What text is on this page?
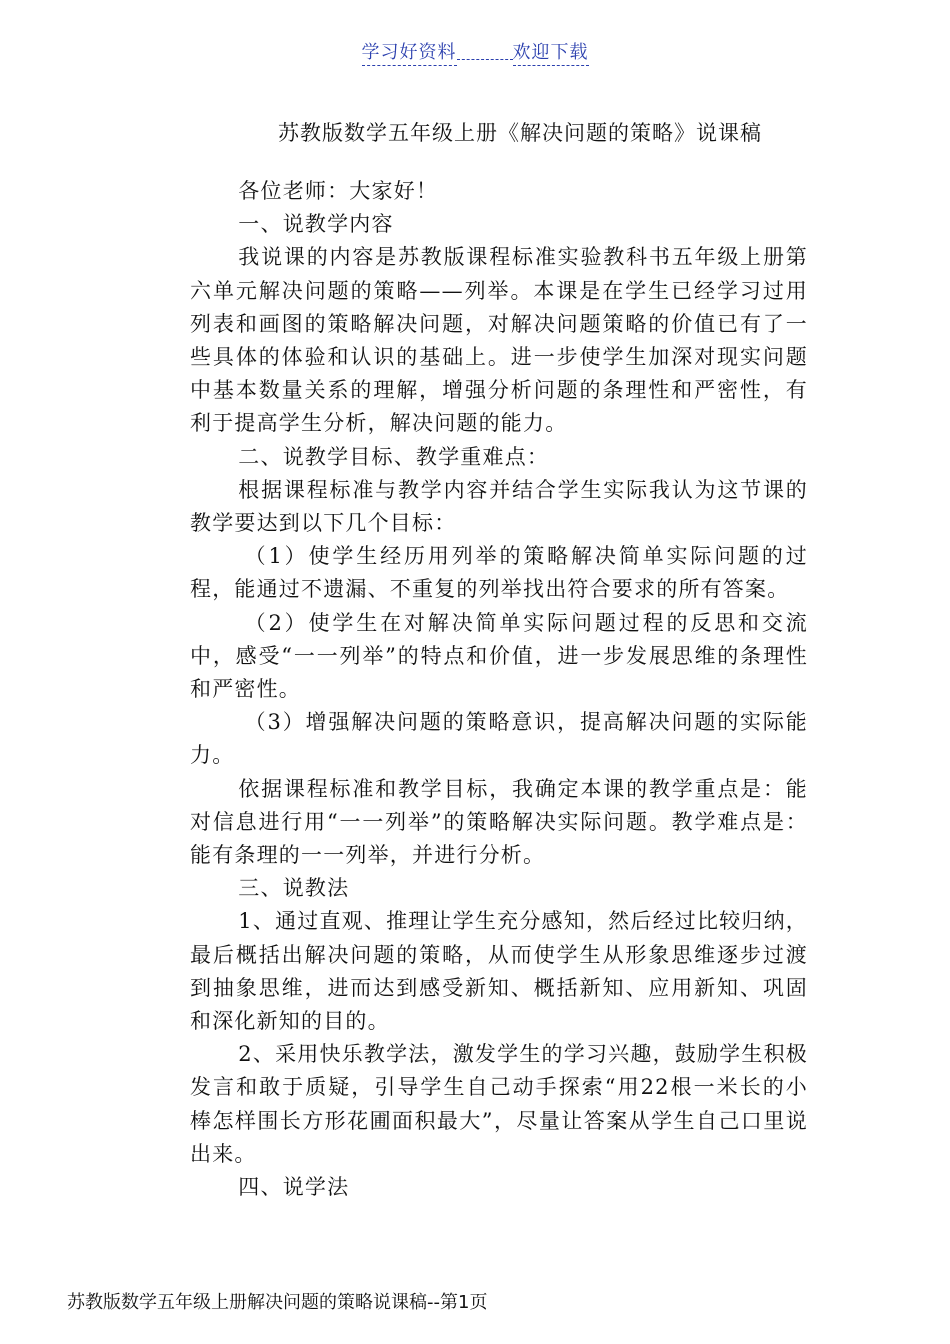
学习好资料	欢迎下载
苏教版数学五年级上册《解决问题的策略》说课稿

各位老师：大家好！

一、说教学内容

我说课的内容是苏教版课程标准实验教科书五年级上册第六单元解决问题的策略——列举。本课是在学生已经学习过用列表和画图的策略解决问题，对解决问题策略的价值已有了一些具体的体验和认识的基础上。进一步使学生加深对现实问题中基本数量关系的理解，增强分析问题的条理性和严密性，有利于提高学生分析，解决问题的能力。

二、说教学目标、教学重难点：

根据课程标准与教学内容并结合学生实际我认为这节课的教学要达到以下几个目标：

（1）使学生经历用列举的策略解决简单实际问题的过程，能通过不遗漏、不重复的列举找出符合要求的所有答案。

（2）使学生在对解决简单实际问题过程的反思和交流中，感受“一一列举”的特点和价值，进一步发展思维的条理性和严密性。

（3）增强解决问题的策略意识，提高解决问题的实际能力。

依据课程标准和教学目标，我确定本课的教学重点是：能对信息进行用“一一列举”的策略解决实际问题。教学难点是：能有条理的一一列举，并进行分析。

三、说教法

1、通过直观、推理让学生充分感知，然后经过比较归纳，最后概括出解决问题的策略，从而使学生从形象思维逐步过渡到抽象思维，进而达到感受新知、概括新知、应用新知、巩固和深化新知的目的。

2、采用快乐教学法，激发学生的学习兴趣，鼓励学生积极发言和敢于质疑，引导学生自己动手探索“用22根一米长的小棒怎样围长方形花圃面积最大”，尽量让答案从学生自己口里说出来。

四、说学法

苏教版数学五年级上册解决问题的策略说课稿--第1页
